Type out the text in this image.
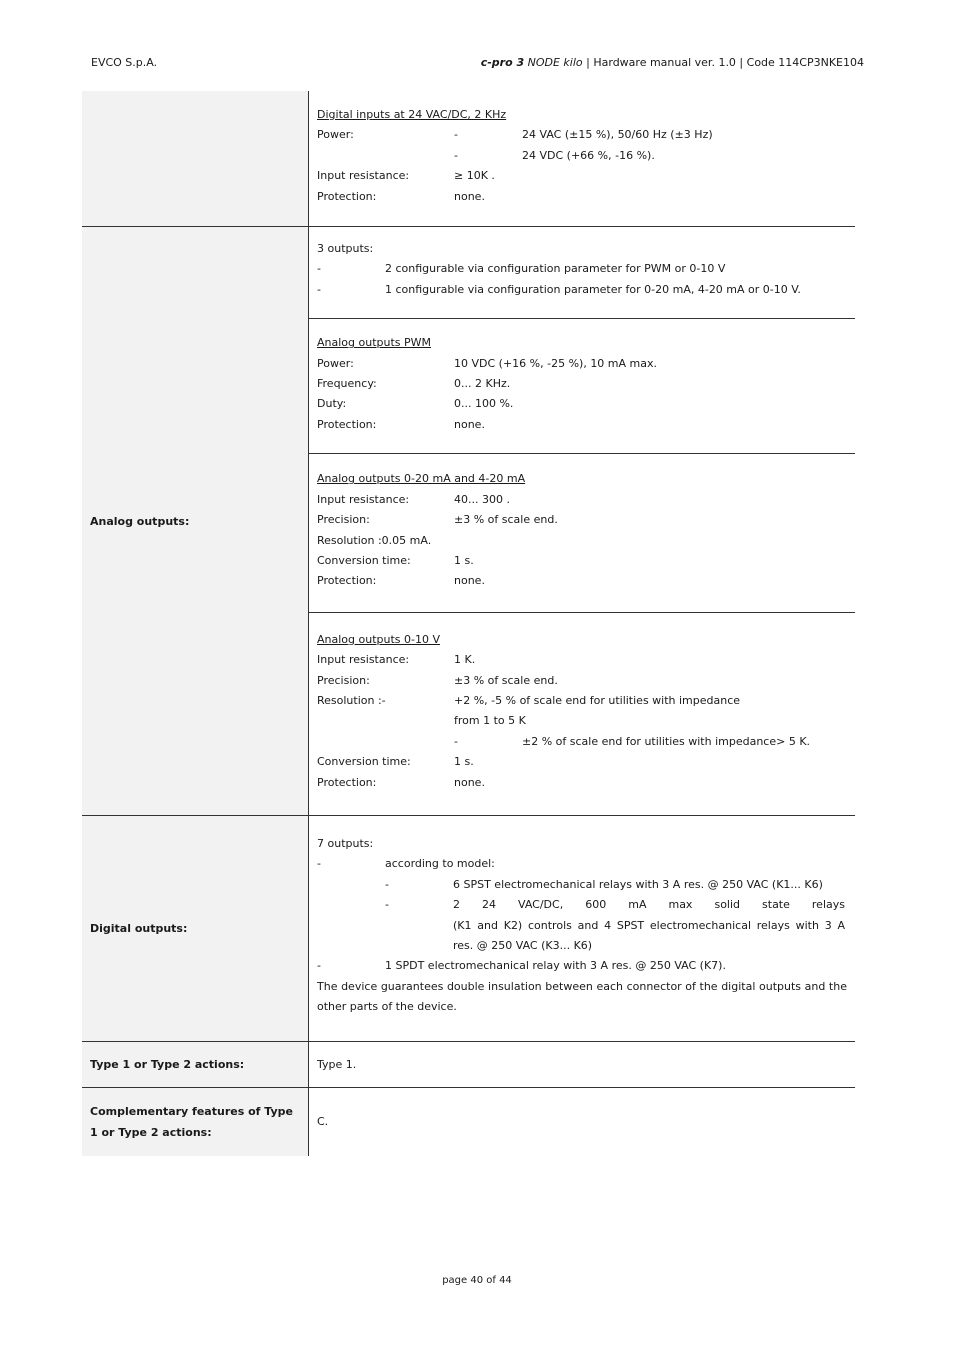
EVCO S.p.A.	c-pro 3 NODE kilo | Hardware manual ver. 1.0 | Code 114CP3NKE104
Digital inputs at 24 VAC/DC, 2 KHz
Power:	-	24 VAC (±15 %), 50/60 Hz (±3 Hz)
-	24 VDC (+66 %, -16 %).
Input resistance:	≥ 10K .
Protection:	none.
Analog outputs:
3 outputs:
-	2 configurable via configuration parameter for PWM or 0-10 V
-	1 configurable via configuration parameter for 0-20 mA, 4-20 mA or 0-10 V.
Analog outputs PWM
Power:	10 VDC (+16 %, -25 %), 10 mA max.
Frequency:	0... 2 KHz.
Duty:	0... 100 %.
Protection:	none.
Analog outputs 0-20 mA and 4-20 mA
Input resistance:	40... 300 .
Precision:	±3 % of scale end.
Resolution :0.05 mA.
Conversion time:	1 s.
Protection:	none.
Analog outputs 0-10 V
Input resistance:	1 K.
Precision:	±3 % of scale end.
Resolution :-	+2 %, -5 % of scale end for utilities with impedance
from 1 to 5 K
-	±2 % of scale end for utilities with impedance> 5 K.
Conversion time:	1 s.
Protection:	none.
Digital outputs:
7 outputs:
-	according to model:
-	6 SPST electromechanical relays with 3 A res. @ 250 VAC (K1... K6)
-	2 24 VAC/DC, 600 mA max solid state relays
(K1 and K2) controls and 4 SPST electromechanical relays with 3 A
res. @ 250 VAC (K3... K6)
-	1 SPDT electromechanical relay with 3 A res. @ 250 VAC (K7).
The device guarantees double insulation between each connector of the digital outputs and the other parts of the device.
Type 1 or Type 2 actions:	Type 1.
Complementary features of Type 1 or Type 2 actions:
C.
page 40 of 44
